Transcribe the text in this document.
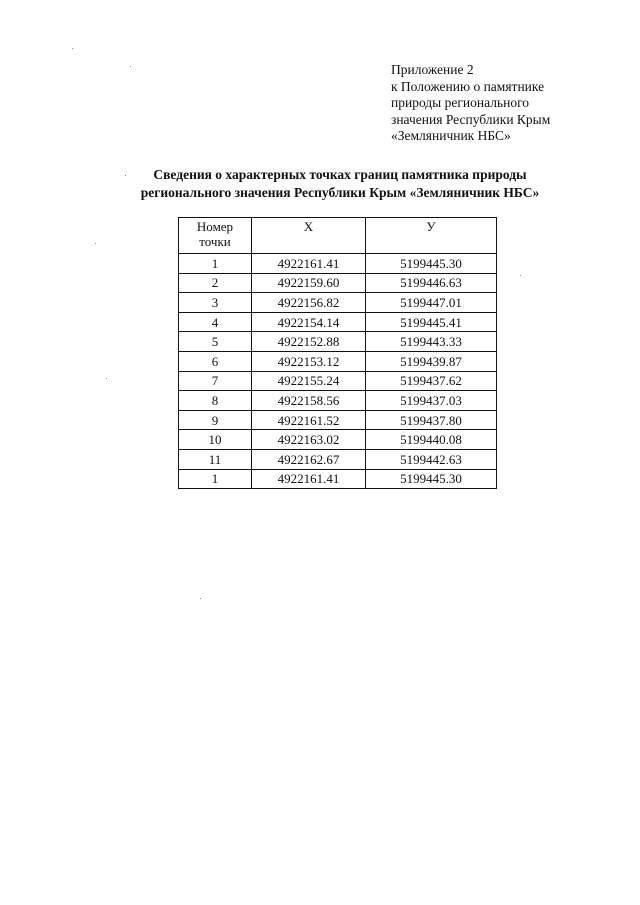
Приложение 2
к Положению о памятнике
природы регионального
значения Республики Крым
«Земляничник НБС»
Сведения о характерных точках границ памятника природы
регионального значения Республики Крым «Земляничник НБС»
Номер
точки	X	У
1	4922161.41	5199445.30
2	4922159.60	5199446.63
3	4922156.82	5199447.01
4	4922154.14	5199445.41
5	4922152.88	5199443.33
6	4922153.12	5199439.87
7	4922155.24	5199437.62
8	4922158.56	5199437.03
9	4922161.52	5199437.80
10	4922163.02	5199440.08
11	4922162.67	5199442.63
1	4922161.41	5199445.30
